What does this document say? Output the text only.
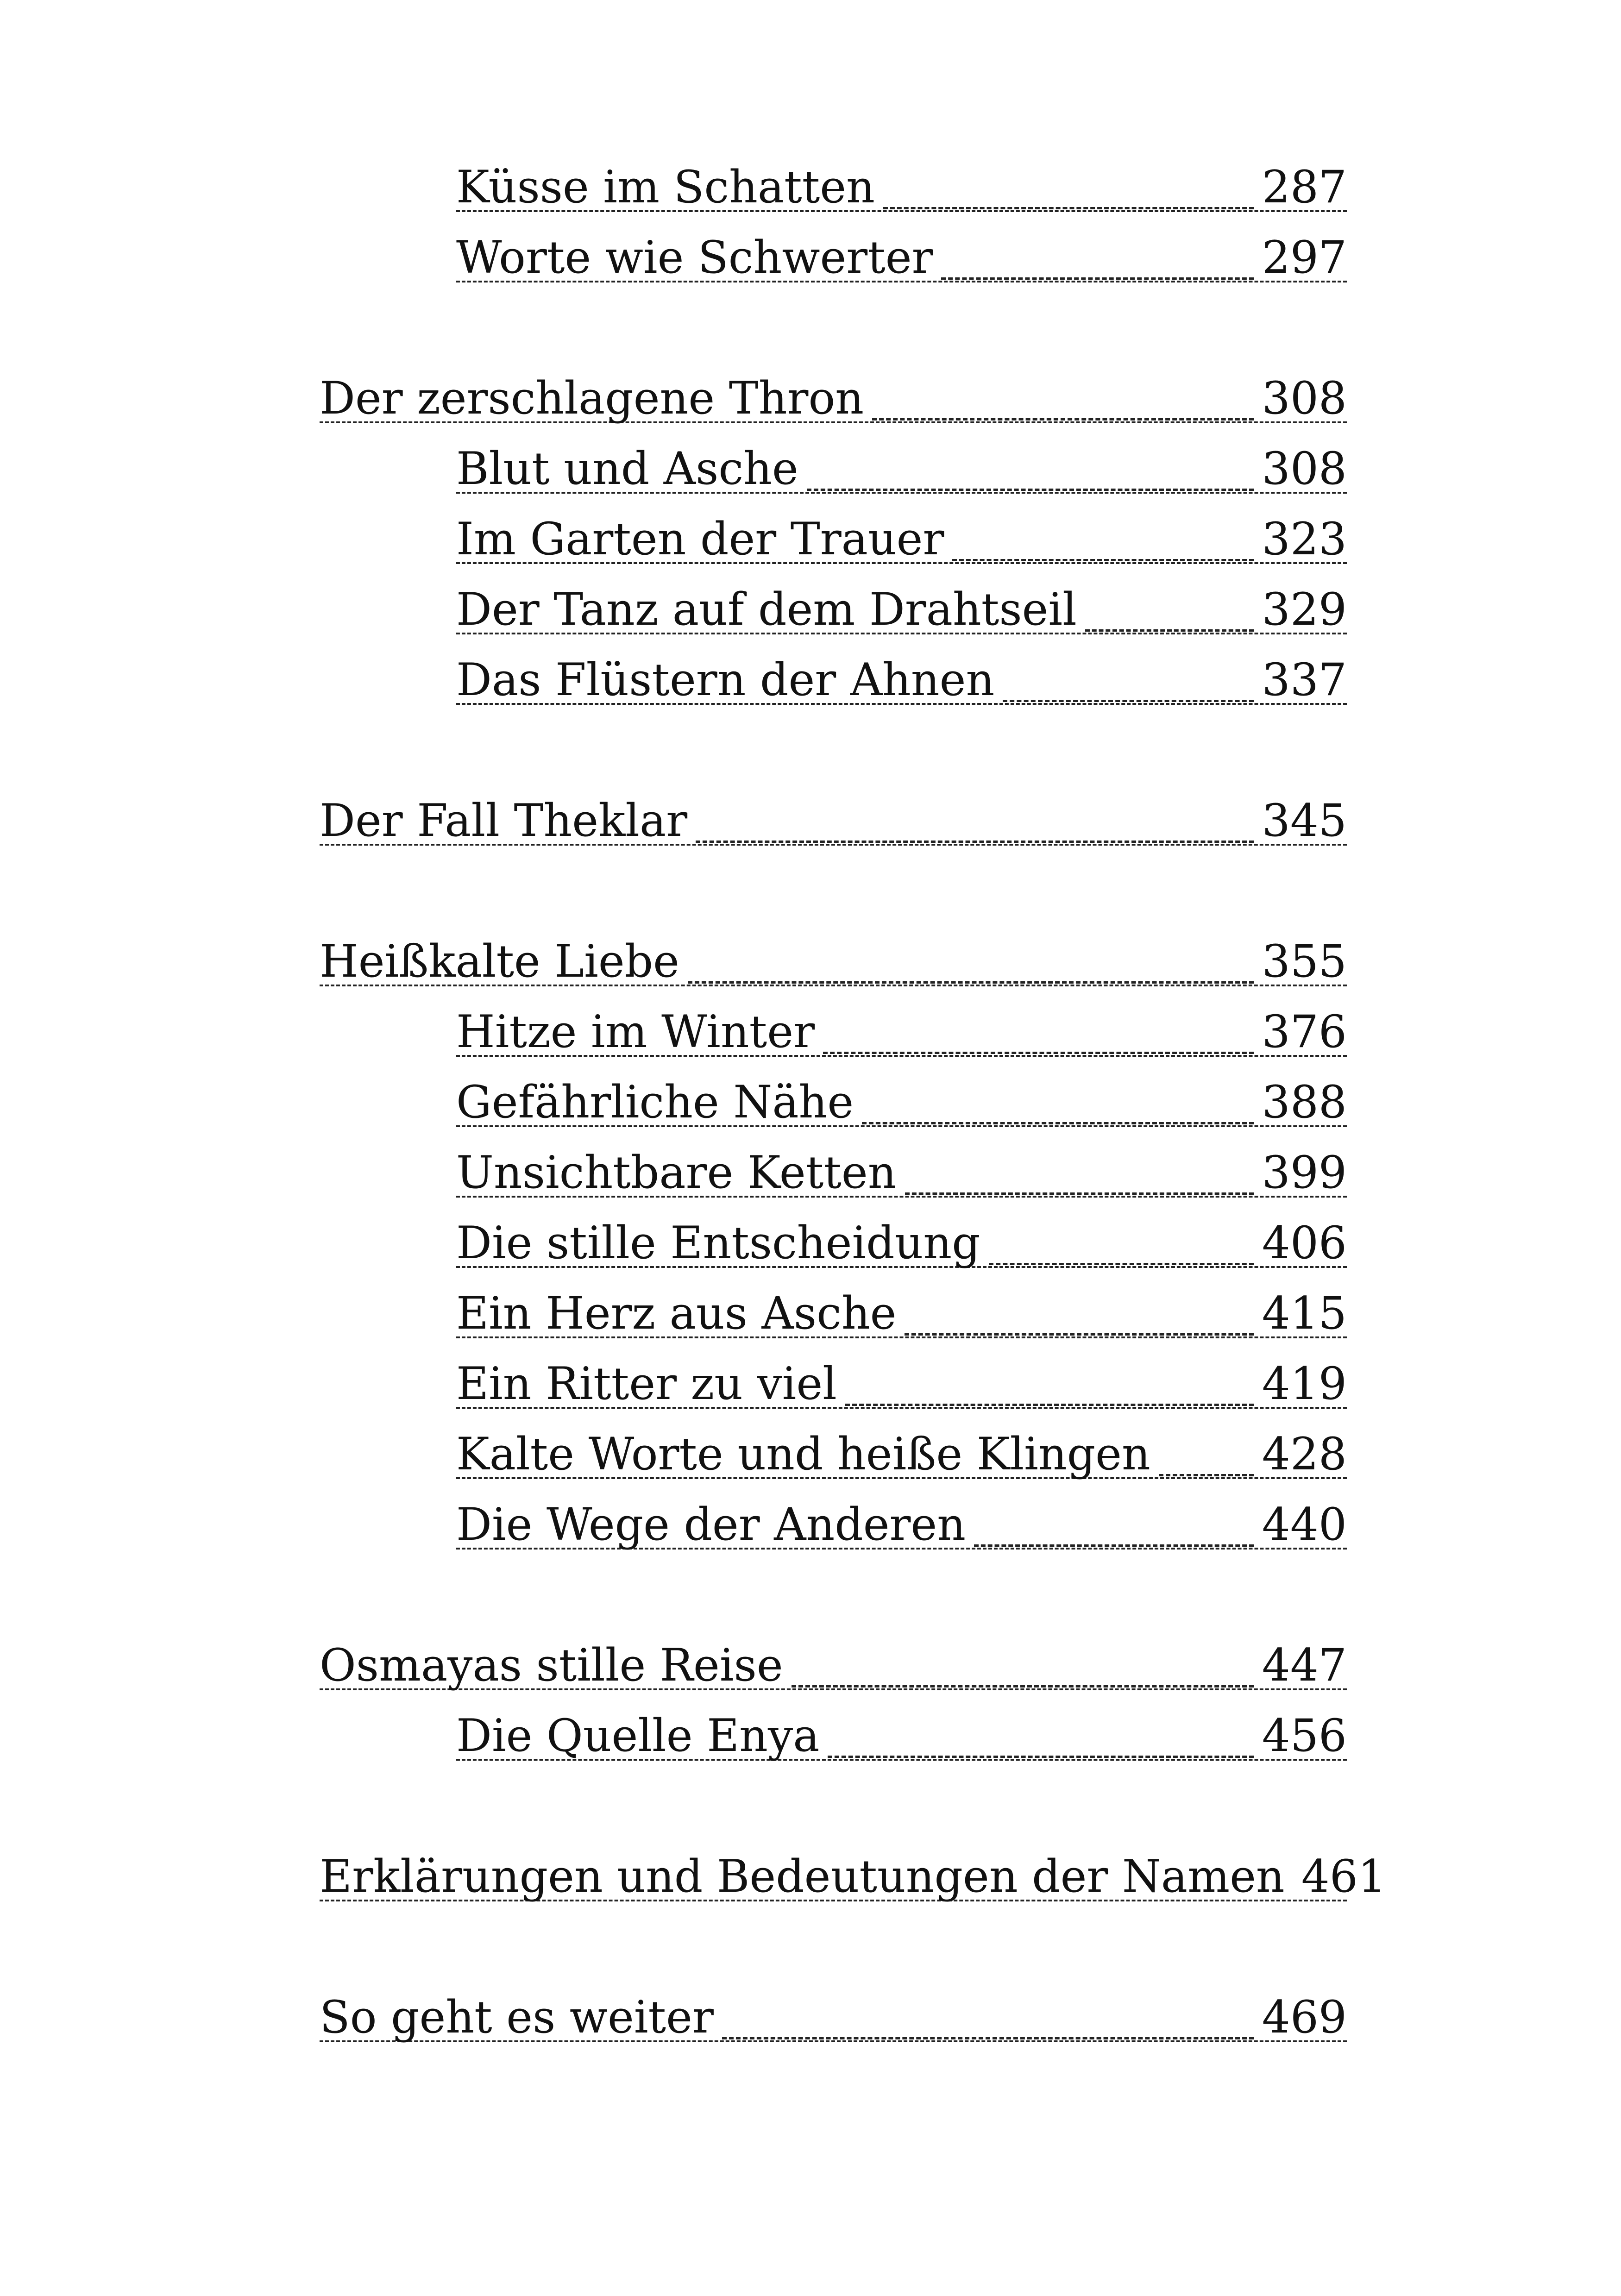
Küsse im Schatten	287
Worte wie Schwerter	297
Der zerschlagene Thron	308
Blut und Asche	308
Im Garten der Trauer	323
Der Tanz auf dem Drahtseil	329
Das Flüstern der Ahnen	337
Der Fall Theklar	345
Heißkalte Liebe	355
Hitze im Winter	376
Gefährliche Nähe	388
Unsichtbare Ketten	399
Die stille Entscheidung	406
Ein Herz aus Asche	415
Ein Ritter zu viel	419
Kalte Worte und heiße Klingen	428
Die Wege der Anderen	440
Osmayas stille Reise	447
Die Quelle Enya	456
Erklärungen und Bedeutungen der Namen 461
So geht es weiter	469
